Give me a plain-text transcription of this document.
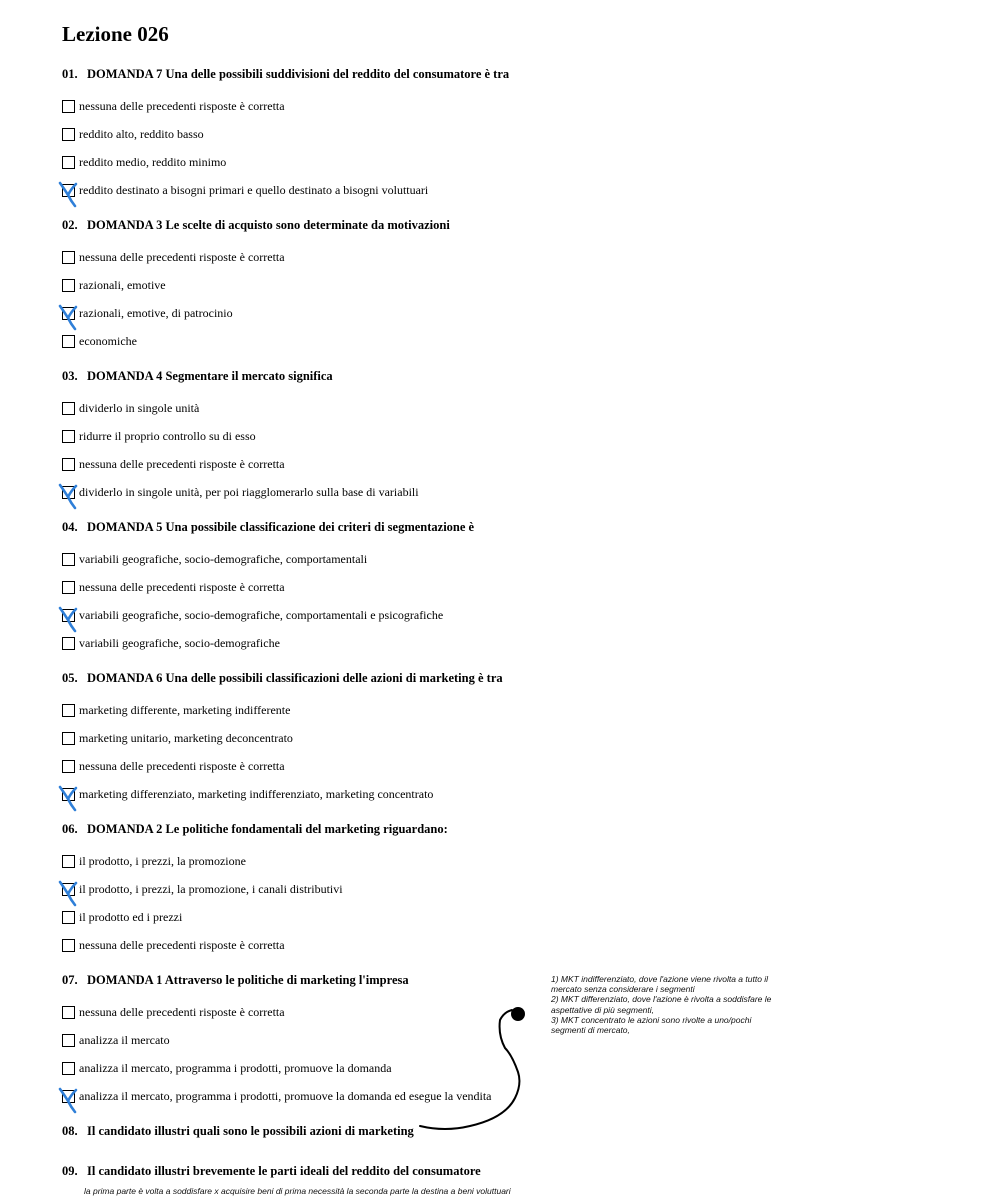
Lezione 026
01. DOMANDA 7 Una delle possibili suddivisioni del reddito del consumatore è tra
nessuna delle precedenti risposte è corretta
reddito alto, reddito basso
reddito medio, reddito minimo
reddito destinato a bisogni primari e quello destinato a bisogni voluttuari
02. DOMANDA 3 Le scelte di acquisto sono determinate da motivazioni
nessuna delle precedenti risposte è corretta
razionali, emotive
razionali, emotive, di patrocinio
economiche
03. DOMANDA 4 Segmentare il mercato significa
dividerlo in singole unità
ridurre il proprio controllo su di esso
nessuna delle precedenti risposte è corretta
dividerlo in singole unità, per poi riagglomerarlo sulla base di variabili
04. DOMANDA 5 Una possibile classificazione dei criteri di segmentazione è
variabili geografiche, socio-demografiche, comportamentali
nessuna delle precedenti risposte è corretta
variabili geografiche, socio-demografiche, comportamentali e psicografiche
variabili geografiche, socio-demografiche
05. DOMANDA 6 Una delle possibili classificazioni delle azioni di marketing è tra
marketing differente, marketing indifferente
marketing unitario, marketing deconcentrato
nessuna delle precedenti risposte è corretta
marketing differenziato, marketing indifferenziato, marketing concentrato
06. DOMANDA 2 Le politiche fondamentali del marketing riguardano:
il prodotto, i prezzi, la promozione
il prodotto, i prezzi, la promozione, i canali distributivi
il prodotto ed i prezzi
nessuna delle precedenti risposte è corretta
07. DOMANDA 1 Attraverso le politiche di marketing l'impresa
nessuna delle precedenti risposte è corretta
analizza il mercato
analizza il mercato, programma i prodotti, promuove la domanda
analizza il mercato, programma i prodotti, promuove la domanda ed esegue la vendita
08. Il candidato illustri quali sono le possibili azioni di marketing
09. Il candidato illustri brevemente le parti ideali del reddito del consumatore
1) MKT indifferenziato, dove l'azione viene rivolta a tutto il
mercato senza considerare i segmenti
2) MKT differenziato, dove l'azione è rivolta a soddisfare le
aspettative di più segmenti,
3) MKT concentrato le azioni sono rivolte a uno/pochi
segmenti di mercato,
la prima parte è volta a soddisfare x acquisire beni di prima necessità la seconda parte la destina a beni voluttuari
